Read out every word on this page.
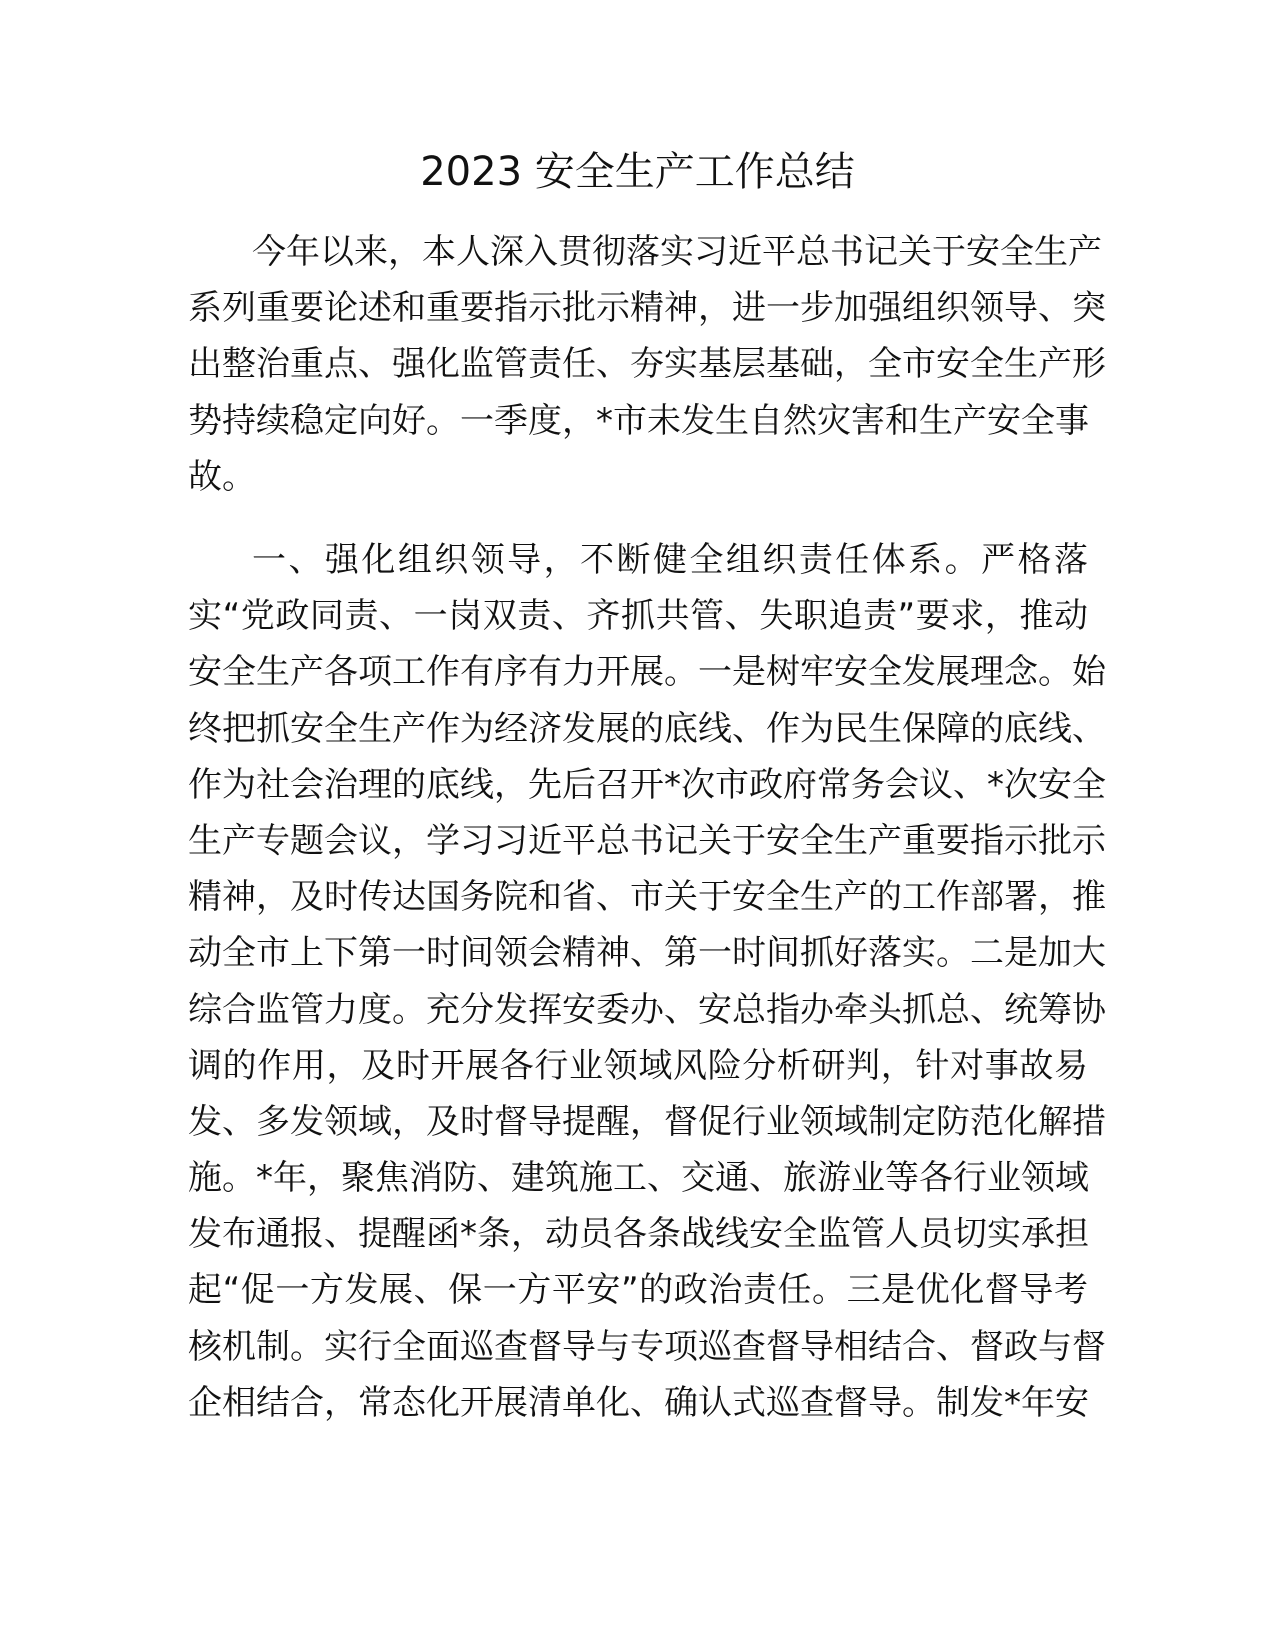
2023 安全生产工作总结
今年以来，本人深入贯彻落实习近平总书记关于安全生产
系列重要论述和重要指示批示精神，进一步加强组织领导、突
出整治重点、强化监管责任、夯实基层基础，全市安全生产形
势持续稳定向好。一季度，*市未发生自然灾害和生产安全事
故。
一、强化组织领导，不断健全组织责任体系。严格落
实“党政同责、一岗双责、齐抓共管、失职追责”要求，推动
安全生产各项工作有序有力开展。一是树牢安全发展理念。始
终把抓安全生产作为经济发展的底线、作为民生保障的底线、
作为社会治理的底线，先后召开*次市政府常务会议、*次安全
生产专题会议，学习习近平总书记关于安全生产重要指示批示
精神，及时传达国务院和省、市关于安全生产的工作部署，推
动全市上下第一时间领会精神、第一时间抓好落实。二是加大
综合监管力度。充分发挥安委办、安总指办牵头抓总、统筹协
调的作用，及时开展各行业领域风险分析研判，针对事故易
发、多发领域，及时督导提醒，督促行业领域制定防范化解措
施。*年，聚焦消防、建筑施工、交通、旅游业等各行业领域
发布通报、提醒函*条，动员各条战线安全监管人员切实承担
起“促一方发展、保一方平安”的政治责任。三是优化督导考
核机制。实行全面巡查督导与专项巡查督导相结合、督政与督
企相结合，常态化开展清单化、确认式巡查督导。制发*年安
